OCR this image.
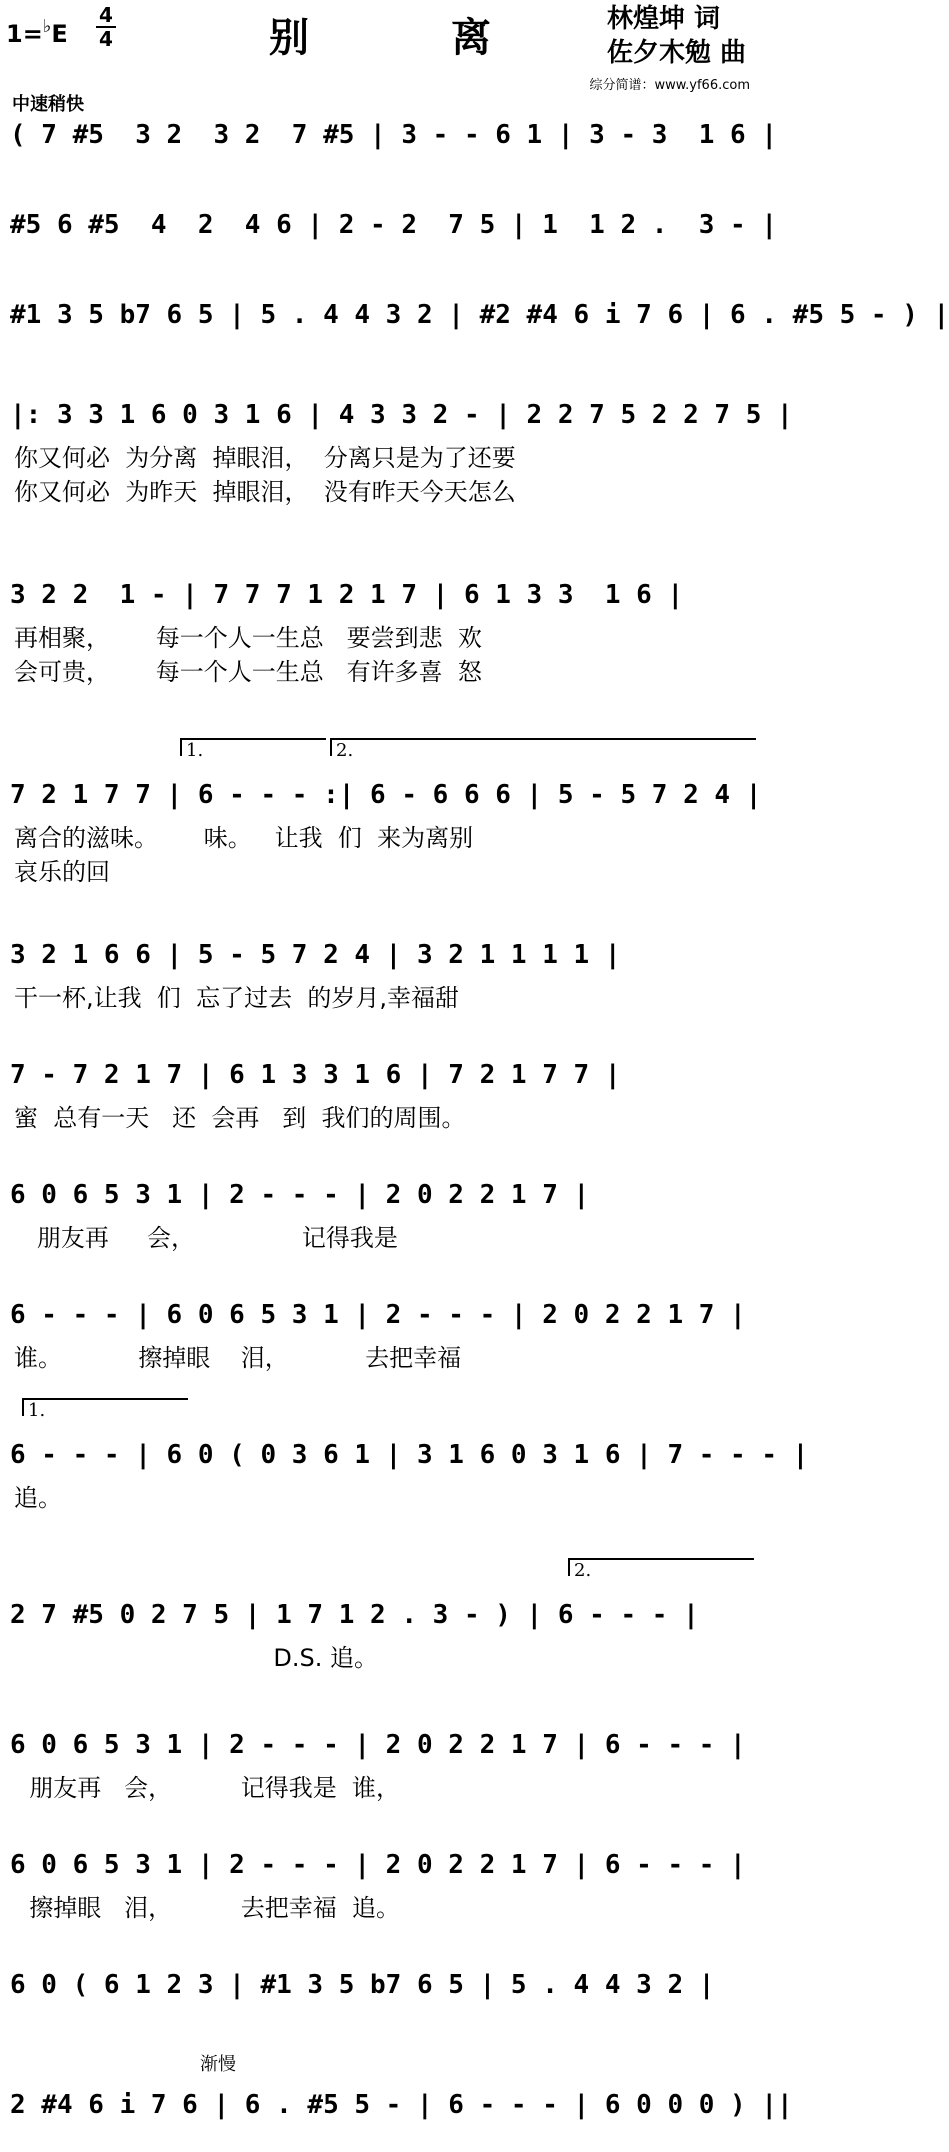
别 离
1=♭E
4
4
林煌坤 词
佐夕木勉 曲
综分简谱：www.yf66.com
中速稍快
( 7 #5  3 2  3 2  7 #5 | 3 - - 6 1 | 3 - 3  1 6 |
#5 6 #5  4  2  4 6 | 2 - 2  7 5 | 1  1 2 .  3 - |
#1 3 5 b7 6 5 | 5 . 4 4 3 2 | #2 #4 6 i 7 6 | 6 . #5 5 - ) |
|: 3 3 1 6 0 3 1 6 | 4 3 3 2 - | 2 2 7 5 2 2 7 5 |
你又何必  为分离  掉眼泪，  分离只是为了还要
你又何必  为昨天  掉眼泪，  没有昨天今天怎么
3 2 2  1 - | 7 7 7 1 2 1 7 | 6 1 3 3  1 6 |
再相聚，      每一个人一生总   要尝到悲  欢
会可贵，      每一个人一生总   有许多喜  怒
1.	2.
7 2 1 7 7 | 6 - - - :| 6 - 6 6 6 | 5 - 5 7 2 4 |
离合的滋味。      味。   让我  们  来为离别
哀乐的回
3 2 1 6 6 | 5 - 5 7 2 4 | 3 2 1 1 1 1 |
干一杯,让我  们  忘了过去  的岁月,幸福甜
7 - 7 2 1 7 | 6 1 3 3 1 6 | 7 2 1 7 7 |
蜜  总有一天   还  会再   到  我们的周围。
6 0 6 5 3 1 | 2 - - - | 2 0 2 2 1 7 |
朋友再     会，              记得我是
6 - - - | 6 0 6 5 3 1 | 2 - - - | 2 0 2 2 1 7 |
谁。          擦掉眼    泪，          去把幸福
1.
6 - - - | 6 0 ( 0 3 6 1 | 3 1 6 0 3 1 6 | 7 - - - |
追。
2.
2 7 #5 0 2 7 5 | 1 7 1 2 . 3 - ) | 6 - - - |
D.S. 追。
6 0 6 5 3 1 | 2 - - - | 2 0 2 2 1 7 | 6 - - - |
朋友再   会，         记得我是  谁，
6 0 6 5 3 1 | 2 - - - | 2 0 2 2 1 7 | 6 - - - |
擦掉眼   泪，         去把幸福  追。
6 0 ( 6 1 2 3 | #1 3 5 b7 6 5 | 5 . 4 4 3 2 |
渐慢
2 #4 6 i 7 6 | 6 . #5 5 - | 6 - - - | 6 0 0 0 ) ||
